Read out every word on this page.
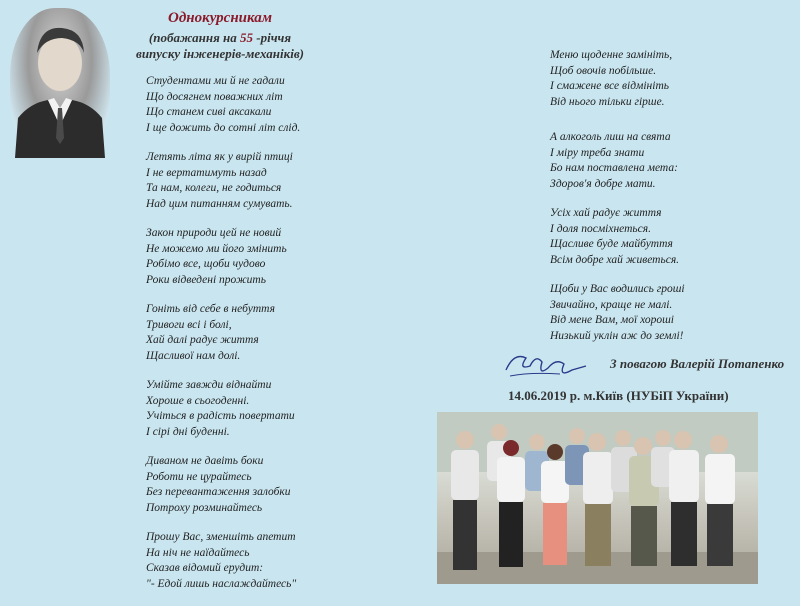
Однокурсникам
(побажання на 55 -річчя
випуску інженерів-механіків)
Студентами ми й не гадали
Що досягнем поважних літ
Що станем сиві аксакали
І ще дожить до сотні літ слід.
Летять літа як у вирій птиці
І не вертатимуть назад
Та нам, колеги, не годиться
Над цим питанням сумувать.
Закон природи цей не новий
Не можемо ми його змінить
Робімо все, щоби чудово
Роки відведені прожить
Гоніть від себе в небуття
Тривоги всі і болі,
Хай далі радує життя
Щасливої нам долі.
Умійте завжди віднайти
Хороше в сьогоденні.
Учіться в радість повертати
І сірі дні буденні.
Диваном не давіть боки
Роботи не цурайтесь
Без перевантаження залобки
Потроху розминайтесь
Прошу Вас, зменшіть апетит
На ніч не наїдайтесь
Сказав відомий ерудит:
"- Едой лишь наслаждайтесь"
Меню щоденне замініть,
Щоб овочів побільше.
І смажене все відмініть
Від нього тільки гірше.
А алкоголь лиш на свята
І міру треба знати
Бо нам поставлена мета:
Здоров'я добре мати.
Усіх хай радує життя
І доля посміхнеться.
Щасливе буде майбуття
Всім добре хай живеться.
Щоби у Вас водились гроші
Звичайно, краще не малі.
Від мене Вам, мої хороші
Низький уклін аж до землі!
З повагою Валерій Потапенко
14.06.2019 р. м.Київ (НУБіП України)
